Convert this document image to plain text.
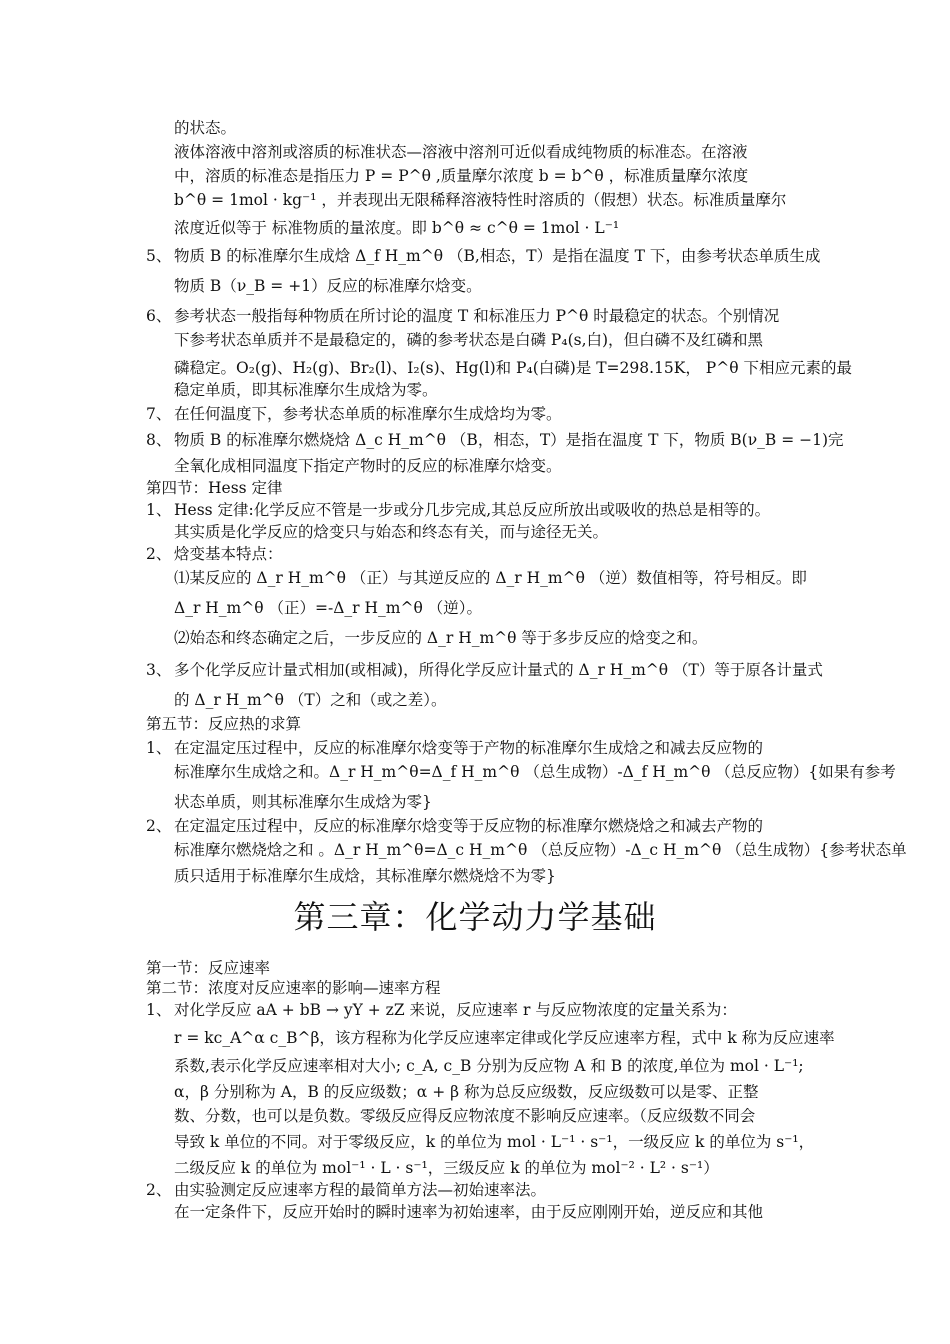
的状态。
液体溶液中溶剂或溶质的标准状态—溶液中溶剂可近似看成纯物质的标准态。在溶液
中，溶质的标准态是指压力 P = P^θ ,质量摩尔浓度 b = b^θ ，标准质量摩尔浓度
b^θ = 1mol · kg⁻¹ ，并表现出无限稀释溶液特性时溶质的（假想）状态。标准质量摩尔
浓度近似等于 标准物质的量浓度。即 b^θ ≈ c^θ = 1mol · L⁻¹
5、 物质 B 的标准摩尔生成焓 Δ_f H_m^θ （B,相态，T）是指在温度 T 下，由参考状态单质生成
物质 B（ν_B = +1）反应的标准摩尔焓变。
6、 参考状态一般指每种物质在所讨论的温度 T 和标准压力 P^θ 时最稳定的状态。个别情况
下参考状态单质并不是最稳定的，磷的参考状态是白磷 P₄(s,白)，但白磷不及红磷和黑
磷稳定。O₂(g)、H₂(g)、Br₂(l)、I₂(s)、Hg(l)和 P₄(白磷)是 T=298.15K， P^θ 下相应元素的最
稳定单质，即其标准摩尔生成焓为零。
7、 在任何温度下，参考状态单质的标准摩尔生成焓均为零。
8、 物质 B 的标准摩尔燃烧焓 Δ_c H_m^θ （B，相态，T）是指在温度 T 下，物质 B(ν_B = −1)完
全氧化成相同温度下指定产物时的反应的标准摩尔焓变。
第四节：Hess 定律
1、 Hess 定律:化学反应不管是一步或分几步完成,其总反应所放出或吸收的热总是相等的。
其实质是化学反应的焓变只与始态和终态有关，而与途径无关。
2、 焓变基本特点：
⑴某反应的 Δ_r H_m^θ （正）与其逆反应的 Δ_r H_m^θ （逆）数值相等，符号相反。即
Δ_r H_m^θ （正）=-Δ_r H_m^θ （逆）。
⑵始态和终态确定之后，一步反应的 Δ_r H_m^θ 等于多步反应的焓变之和。
3、 多个化学反应计量式相加(或相减)，所得化学反应计量式的 Δ_r H_m^θ （T）等于原各计量式
的 Δ_r H_m^θ （T）之和（或之差）。
第五节：反应热的求算
1、 在定温定压过程中，反应的标准摩尔焓变等于产物的标准摩尔生成焓之和减去反应物的
标准摩尔生成焓之和。Δ_r H_m^θ=Δ_f H_m^θ （总生成物）-Δ_f H_m^θ （总反应物）{如果有参考
状态单质，则其标准摩尔生成焓为零}
2、 在定温定压过程中，反应的标准摩尔焓变等于反应物的标准摩尔燃烧焓之和减去产物的
标准摩尔燃烧焓之和 。Δ_r H_m^θ=Δ_c H_m^θ （总反应物）-Δ_c H_m^θ （总生成物）{参考状态单
质只适用于标准摩尔生成焓，其标准摩尔燃烧焓不为零}
第一节：反应速率
第二节：浓度对反应速率的影响—速率方程
1、 对化学反应 aA + bB → yY + zZ 来说，反应速率 r 与反应物浓度的定量关系为：
r = kc_A^α c_B^β，该方程称为化学反应速率定律或化学反应速率方程，式中 k 称为反应速率
系数,表示化学反应速率相对大小; c_A, c_B 分别为反应物 A 和 B 的浓度,单位为 mol · L⁻¹;
α，β 分别称为 A，B 的反应级数；α + β 称为总反应级数，反应级数可以是零、正整
数、分数，也可以是负数。零级反应得反应物浓度不影响反应速率。（反应级数不同会
导致 k 单位的不同。对于零级反应，k 的单位为 mol · L⁻¹ · s⁻¹，一级反应 k 的单位为 s⁻¹，
二级反应 k 的单位为 mol⁻¹ · L · s⁻¹，三级反应 k 的单位为 mol⁻² · L² · s⁻¹）
2、 由实验测定反应速率方程的最简单方法—初始速率法。
在一定条件下，反应开始时的瞬时速率为初始速率，由于反应刚刚开始，逆反应和其他
第三章：化学动力学基础
